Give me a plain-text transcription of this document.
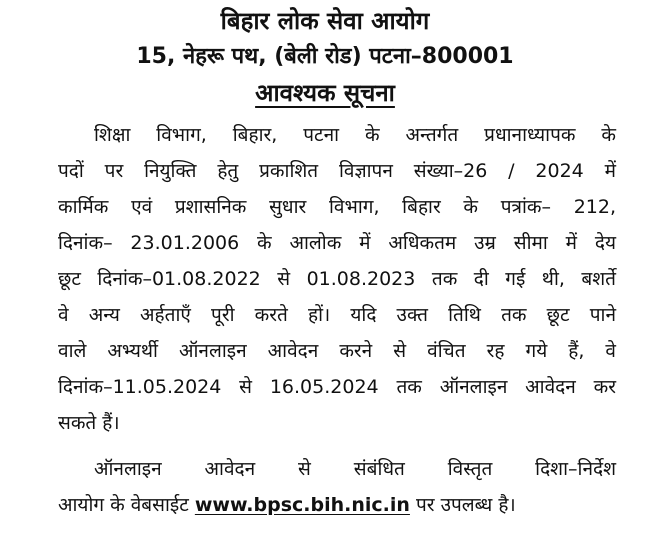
बिहार लोक सेवा आयोग
15, नेहरू पथ, (बेली रोड) पटना–800001
आवश्यक सूचना
शिक्षा विभाग, बिहार, पटना के अन्तर्गत प्रधानाध्यापक के
पदों पर नियुक्ति हेतु प्रकाशित विज्ञापन संख्या–26 / 2024 में
कार्मिक एवं प्रशासनिक सुधार विभाग, बिहार के पत्रांक– 212,
दिनांक– 23.01.2006 के आलोक में अधिकतम उम्र सीमा में देय
छूट दिनांक–01.08.2022 से 01.08.2023 तक दी गई थी, बशर्ते
वे अन्य अर्हताएँ पूरी करते हों। यदि उक्त तिथि तक छूट पाने
वाले अभ्यर्थी ऑनलाइन आवेदन करने से वंचित रह गये हैं, वे
दिनांक–11.05.2024 से 16.05.2024 तक ऑनलाइन आवेदन कर
सकते हैं।
ऑनलाइन आवेदन से संबंधित विस्तृत दिशा–निर्देश
आयोग के वेबसाईट www.bpsc.bih.nic.in पर उपलब्ध है।
